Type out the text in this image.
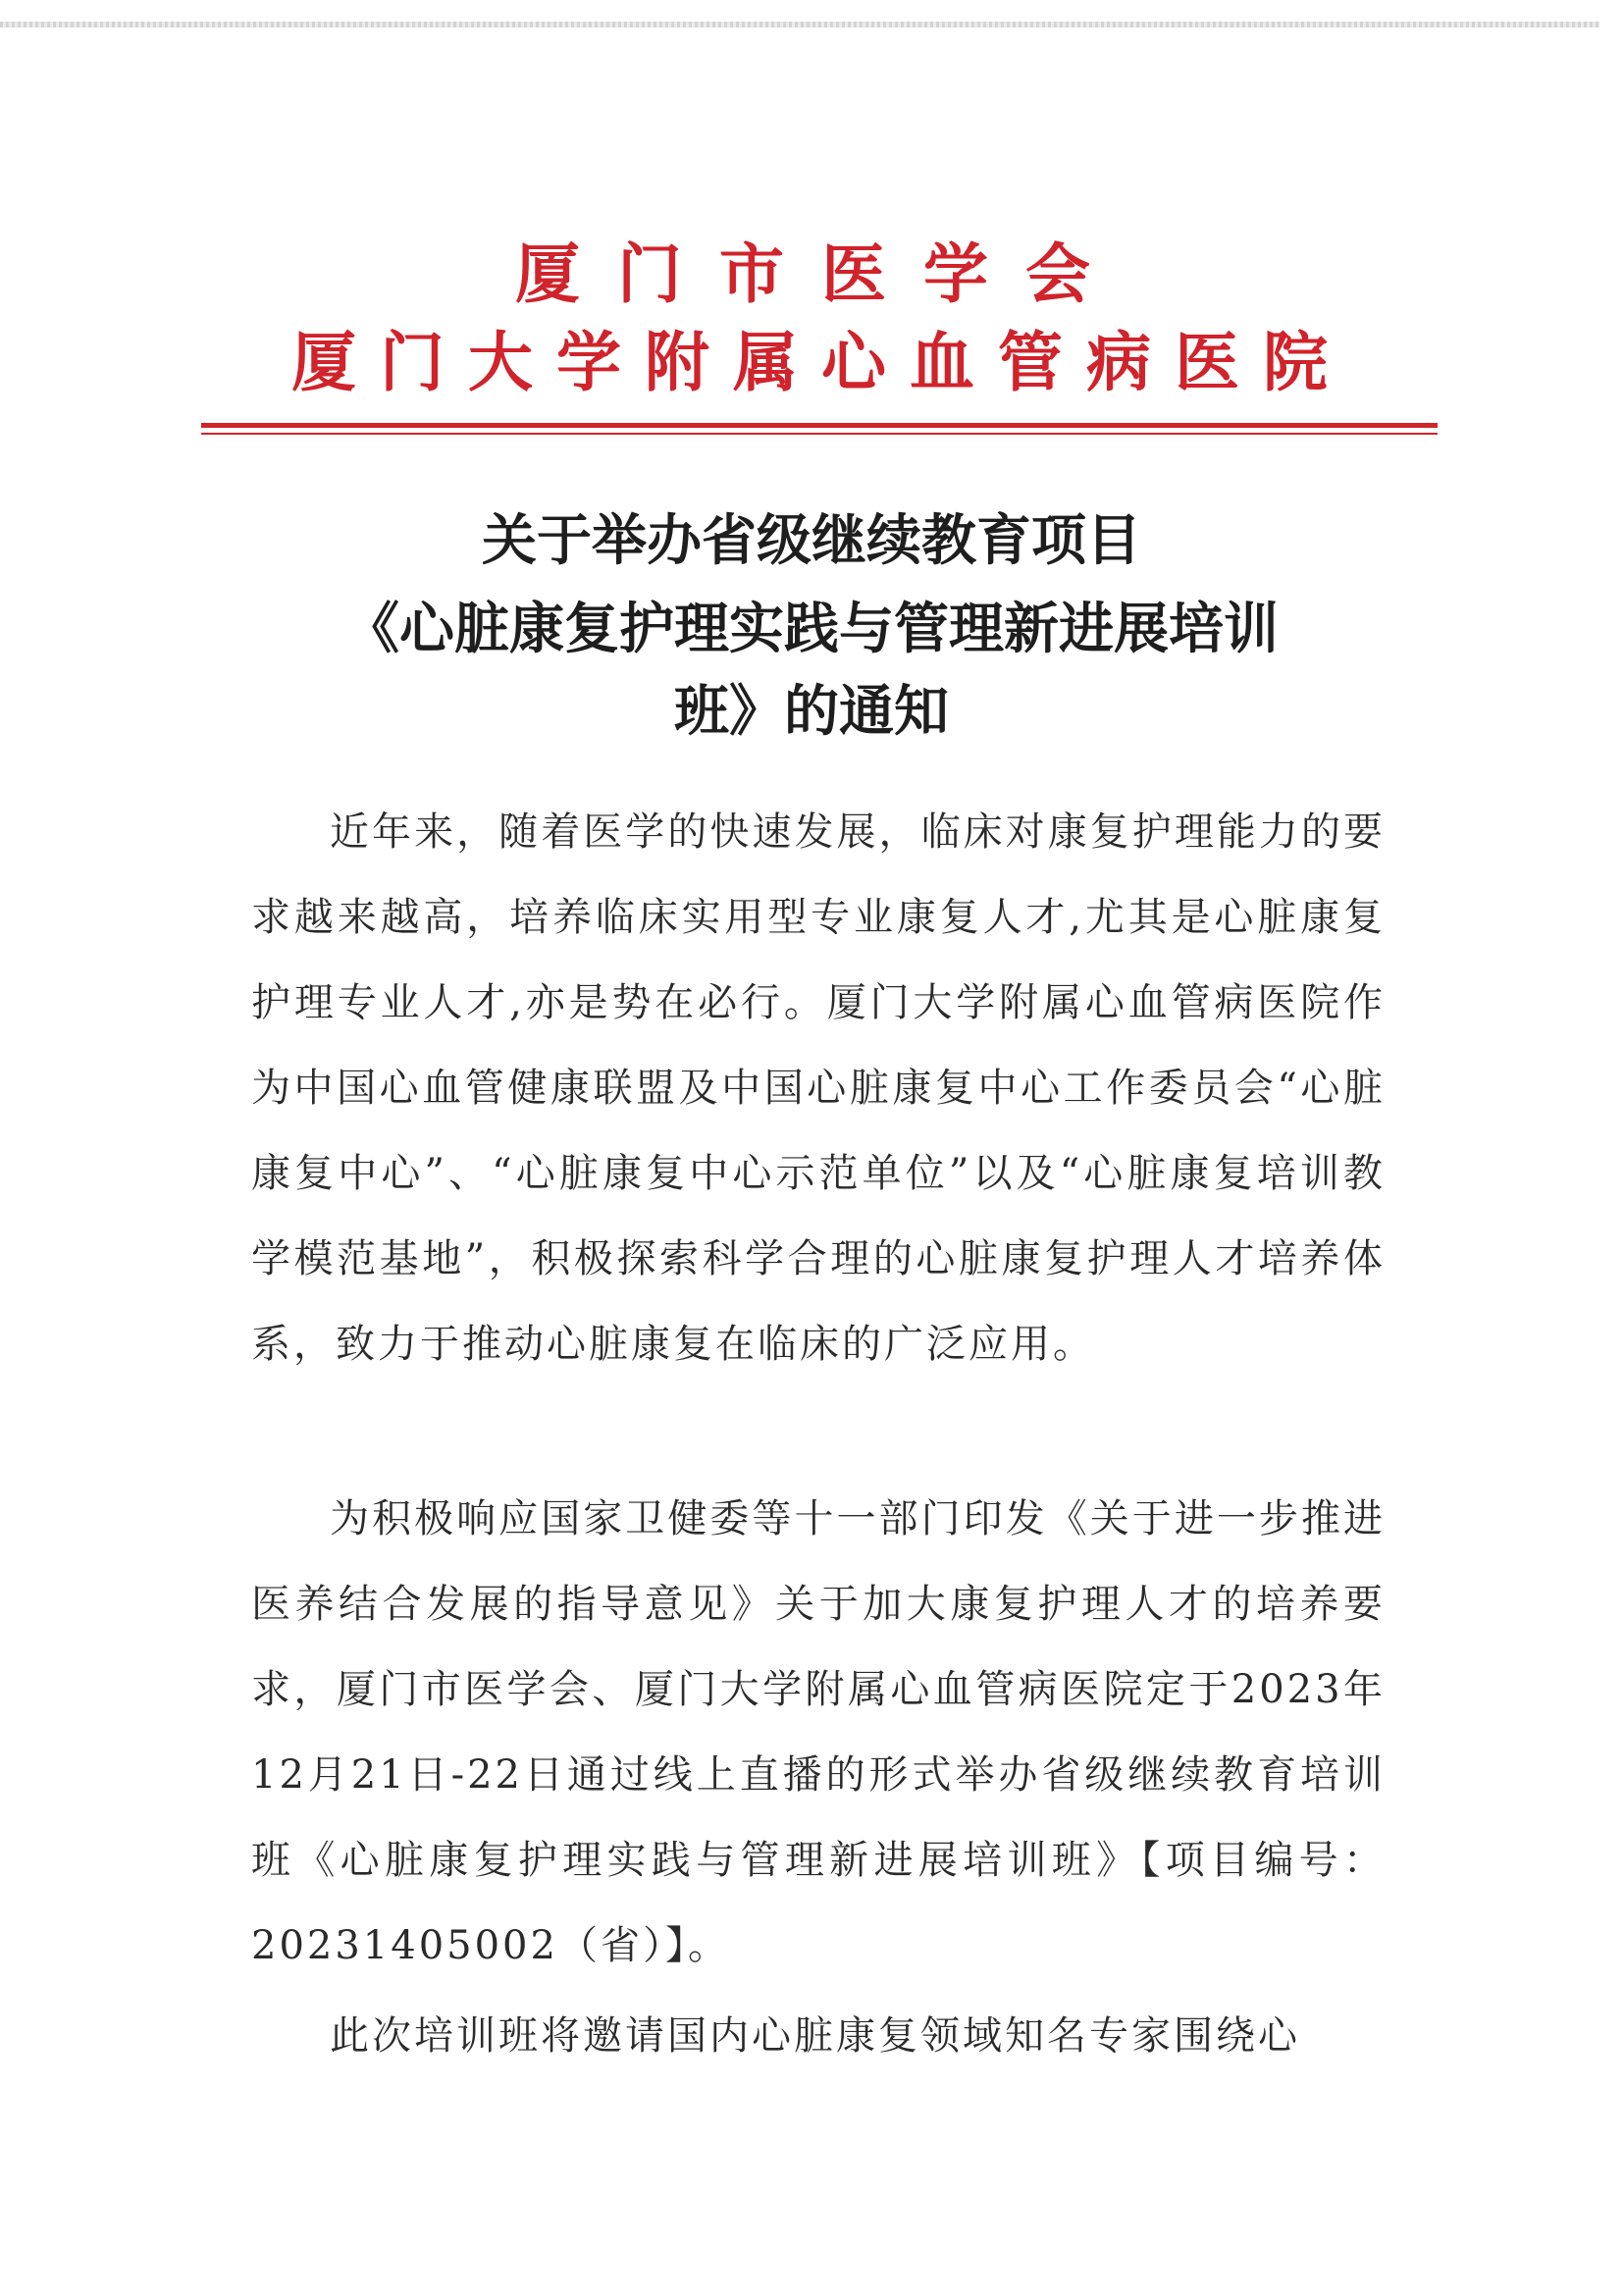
厦门市医学会
厦门大学附属心血管病医院
关于举办省级继续教育项目
《心脏康复护理实践与管理新进展培训
班》的通知

近年来，随着医学的快速发展，临床对康复护理能力的要求越来越高，培养临床实用型专业康复人才,尤其是心脏康复护理专业人才,亦是势在必行。厦门大学附属心血管病医院作为中国心血管健康联盟及中国心脏康复中心工作委员会“心脏康复中心”、“心脏康复中心示范单位”以及“心脏康复培训教学模范基地”，积极探索科学合理的心脏康复护理人才培养体系，致力于推动心脏康复在临床的广泛应用。

为积极响应国家卫健委等十一部门印发《关于进一步推进医养结合发展的指导意见》关于加大康复护理人才的培养要求，厦门市医学会、厦门大学附属心血管病医院定于2023年12月21日-22日通过线上直播的形式举办省级继续教育培训班《心脏康复护理实践与管理新进展培训班》【项目编号：20231405002（省）】。

此次培训班将邀请国内心脏康复领域知名专家围绕心
